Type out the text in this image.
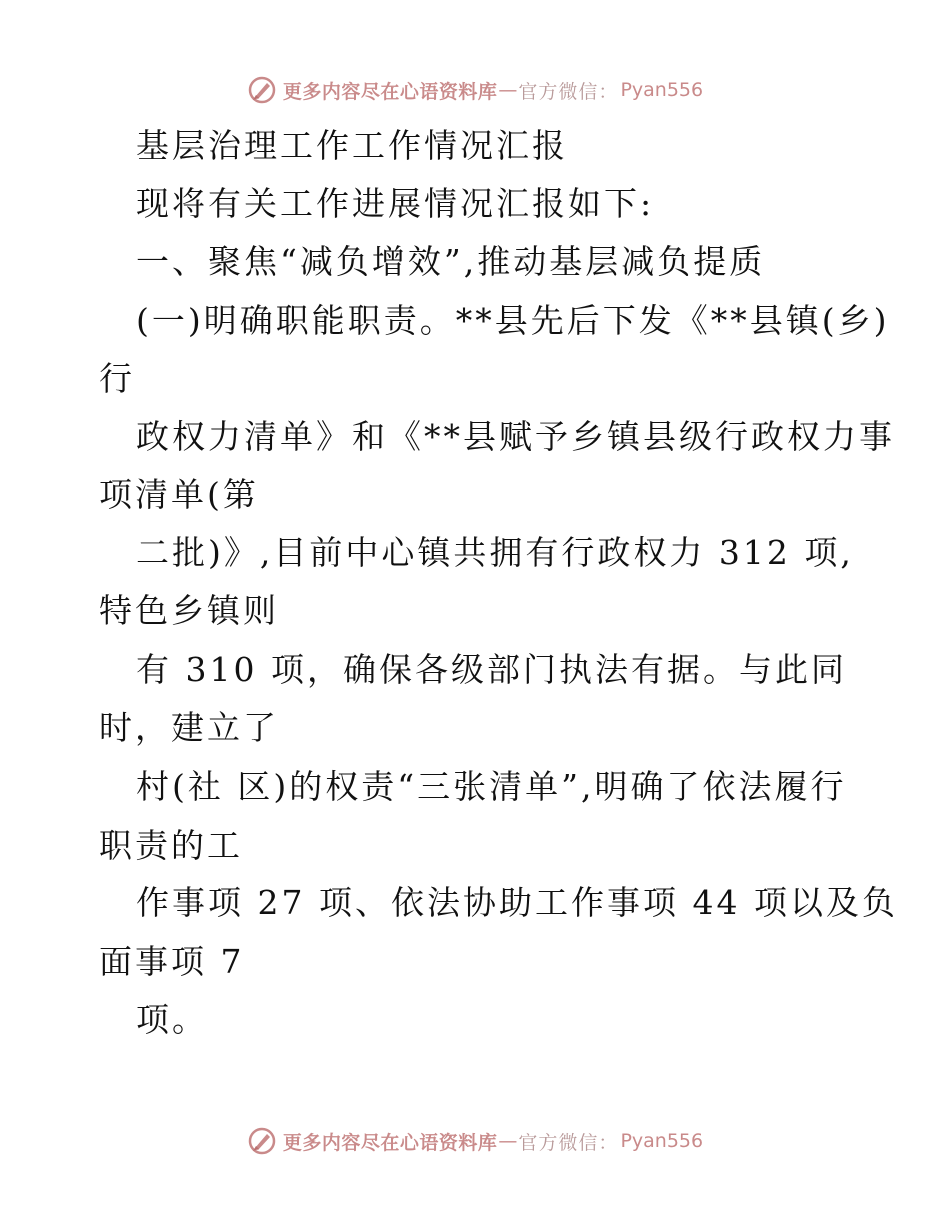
更多内容尽在心语资料库 — 官方微信： Pyan556
基层治理工作工作情况汇报
现将有关工作进展情况汇报如下:
一、聚焦“减负增效”,推动基层减负提质
(一)明确职能职责。**县先后下发《**县镇(乡)
行
政权力清单》和《**县赋予乡镇县级行政权力事
项清单(第
二批)》,目前中心镇共拥有行政权力 312 项,
特色乡镇则
有 310 项，确保各级部门执法有据。与此同
时，建立了
村(社 区)的权责“三张清单”,明确了依法履行
职责的工
作事项 27 项、依法协助工作事项 44 项以及负
面事项 7
项。
更多内容尽在心语资料库 — 官方微信： Pyan556
